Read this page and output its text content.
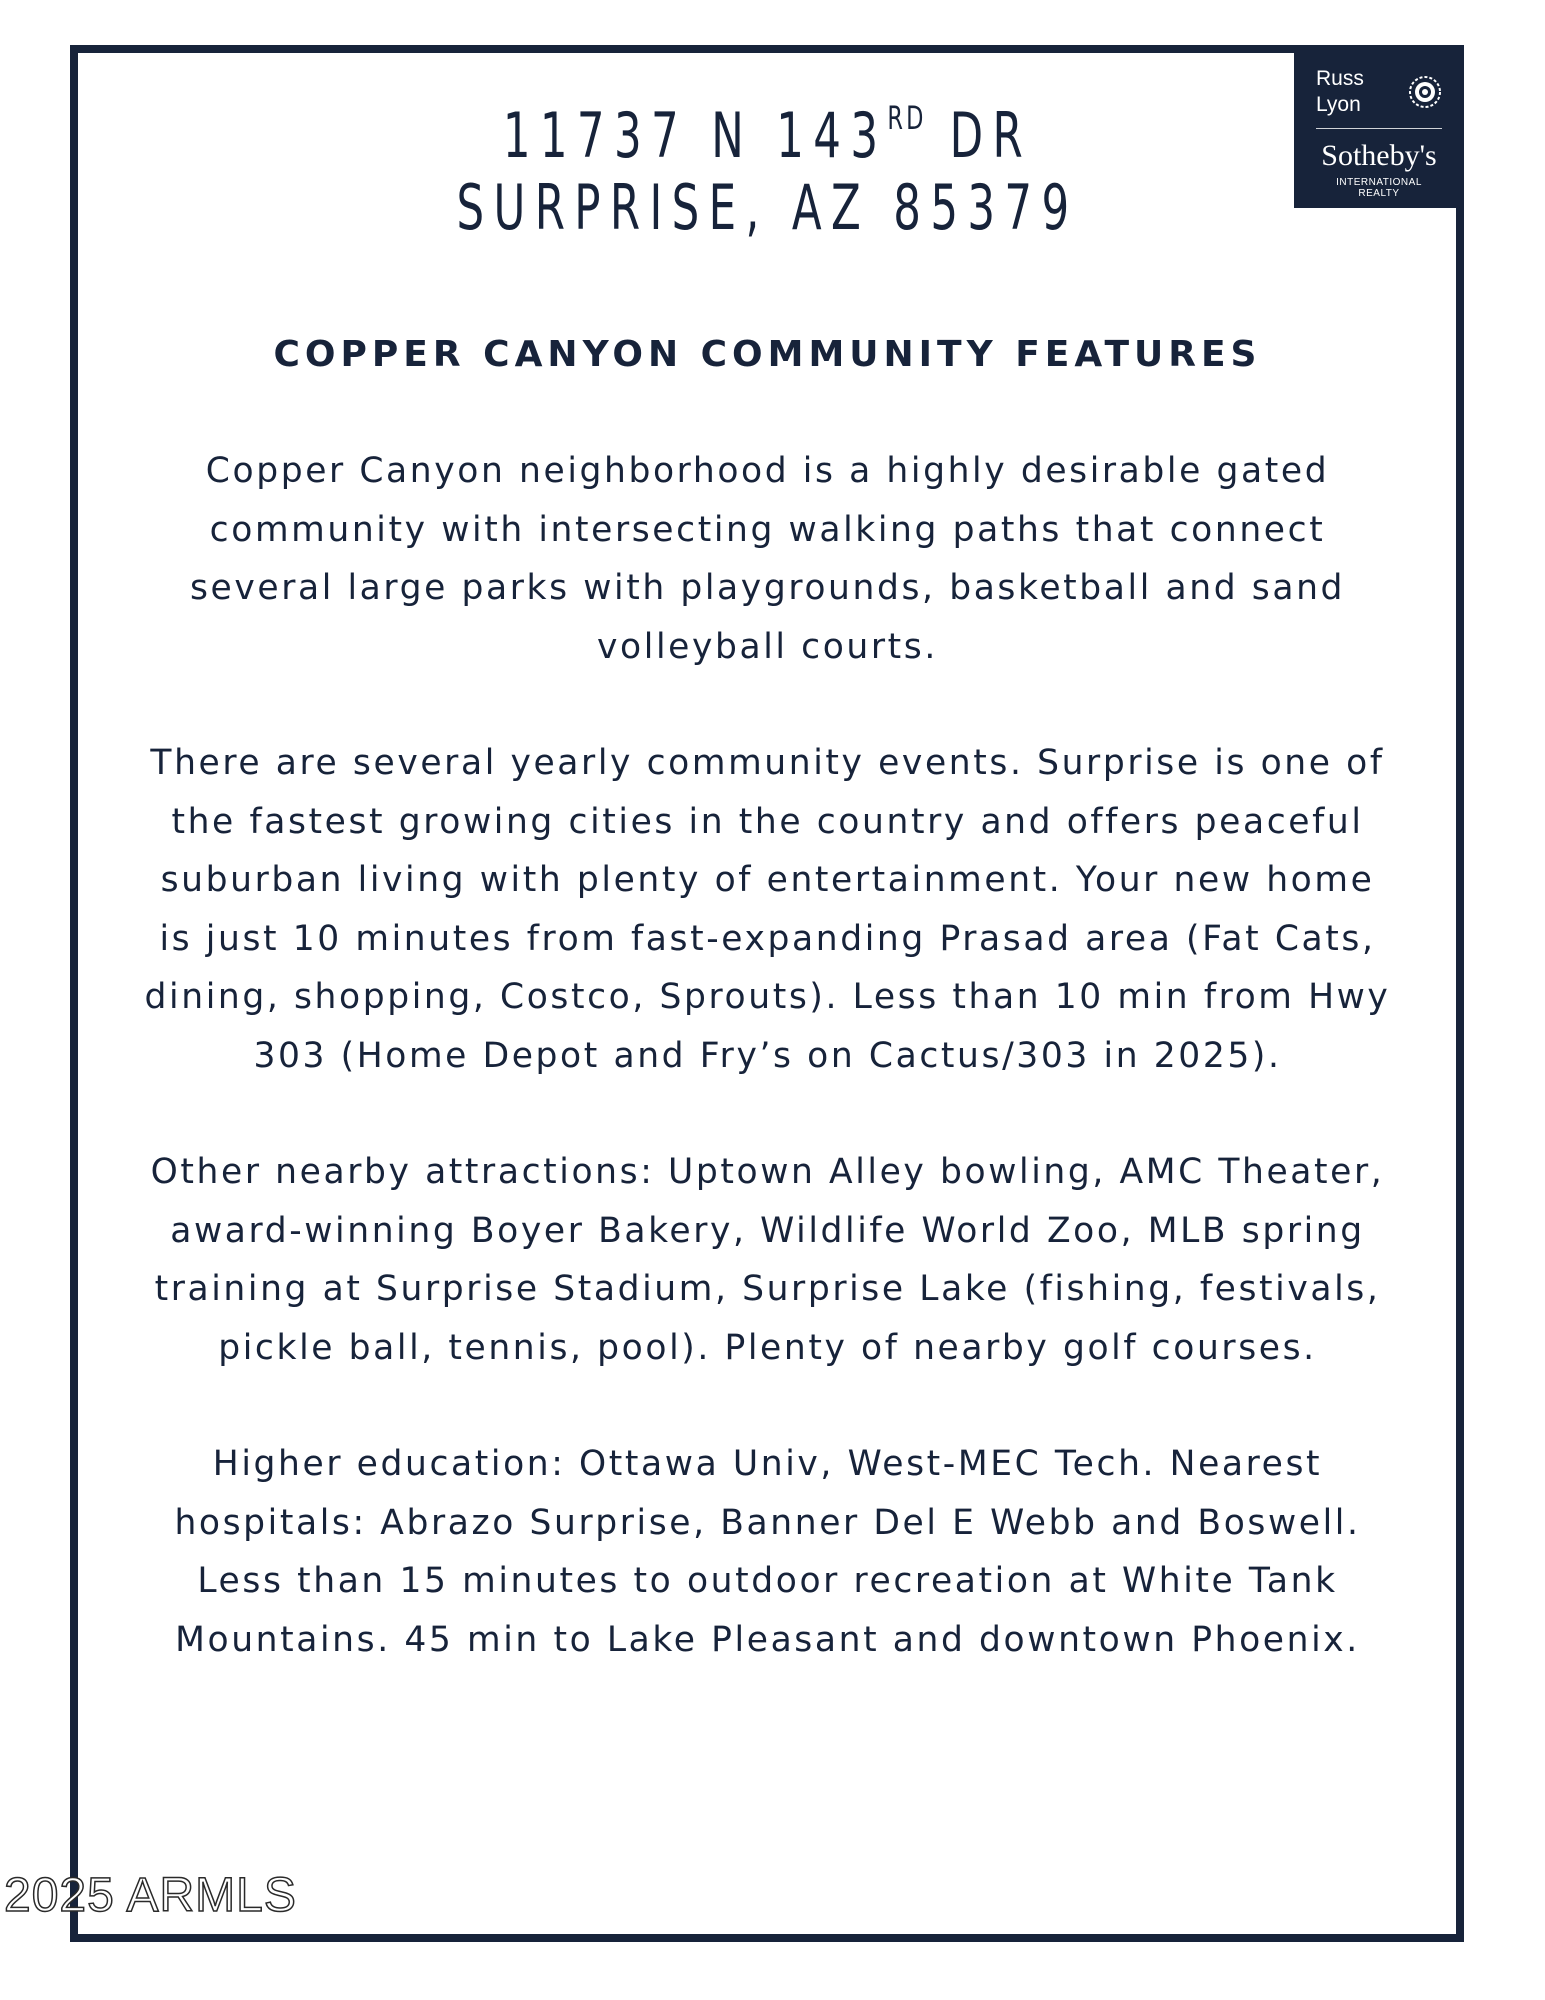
Russ
Lyon
Sotheby's
INTERNATIONAL REALTY
11737 N 143RD DR
SURPRISE, AZ 85379
COPPER CANYON COMMUNITY FEATURES

Copper Canyon neighborhood is a highly desirable gated community with intersecting walking paths that connect several large parks with playgrounds, basketball and sand volleyball courts.

There are several yearly community events. Surprise is one of the fastest growing cities in the country and offers peaceful suburban living with plenty of entertainment. Your new home is just 10 minutes from fast-expanding Prasad area (Fat Cats, dining, shopping, Costco, Sprouts). Less than 10 min from Hwy 303 (Home Depot and Fry’s on Cactus/303 in 2025).

Other nearby attractions: Uptown Alley bowling, AMC Theater, award-winning Boyer Bakery, Wildlife World Zoo, MLB spring training at Surprise Stadium, Surprise Lake (fishing, festivals, pickle ball, tennis, pool). Plenty of nearby golf courses.

Higher education: Ottawa Univ, West-MEC Tech. Nearest hospitals: Abrazo Surprise, Banner Del E Webb and Boswell. Less than 15 minutes to outdoor recreation at White Tank Mountains. 45 min to Lake Pleasant and downtown Phoenix.

2025 ARMLS
